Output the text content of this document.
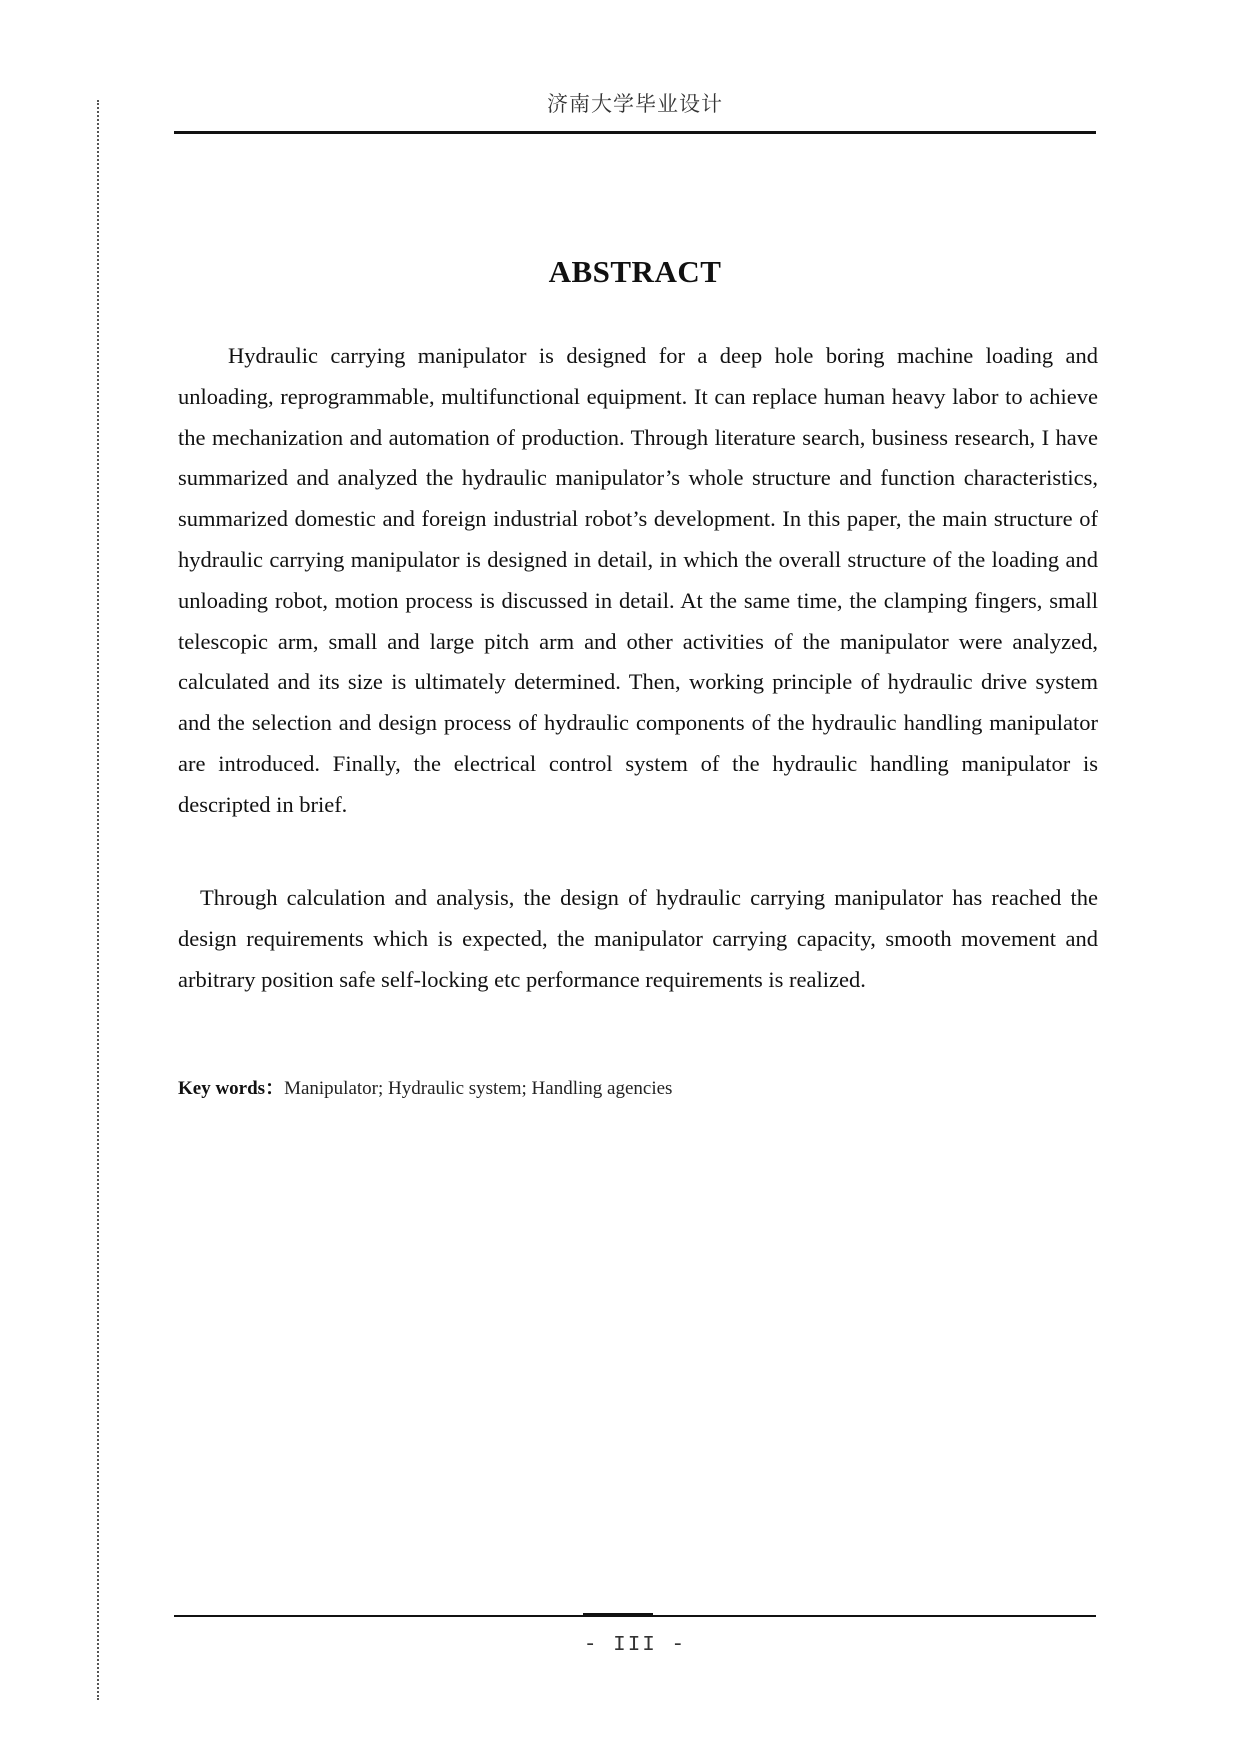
济南大学毕业设计
ABSTRACT

Hydraulic carrying manipulator is designed for a deep hole boring machine loading and unloading, reprogrammable, multifunctional equipment. It can replace human heavy labor to achieve the mechanization and automation of production. Through literature search, business research, I have summarized and analyzed the hydraulic manipulator’s whole structure and function characteristics, summarized domestic and foreign industrial robot’s development. In this paper, the main structure of hydraulic carrying manipulator is designed in detail, in which the overall structure of the loading and unloading robot, motion process is discussed in detail. At the same time, the clamping fingers, small telescopic arm, small and large pitch arm and other activities of the manipulator were analyzed, calculated and its size is ultimately determined. Then, working principle of hydraulic drive system and the selection and design process of hydraulic components of the hydraulic handling manipulator are introduced. Finally, the electrical control system of the hydraulic handling manipulator is descripted in brief.

Through calculation and analysis, the design of hydraulic carrying manipulator has reached the design requirements which is expected, the manipulator carrying capacity, smooth movement and arbitrary position safe self-locking etc performance requirements is realized.

Key words：Manipulator; Hydraulic system; Handling agencies
- III -
